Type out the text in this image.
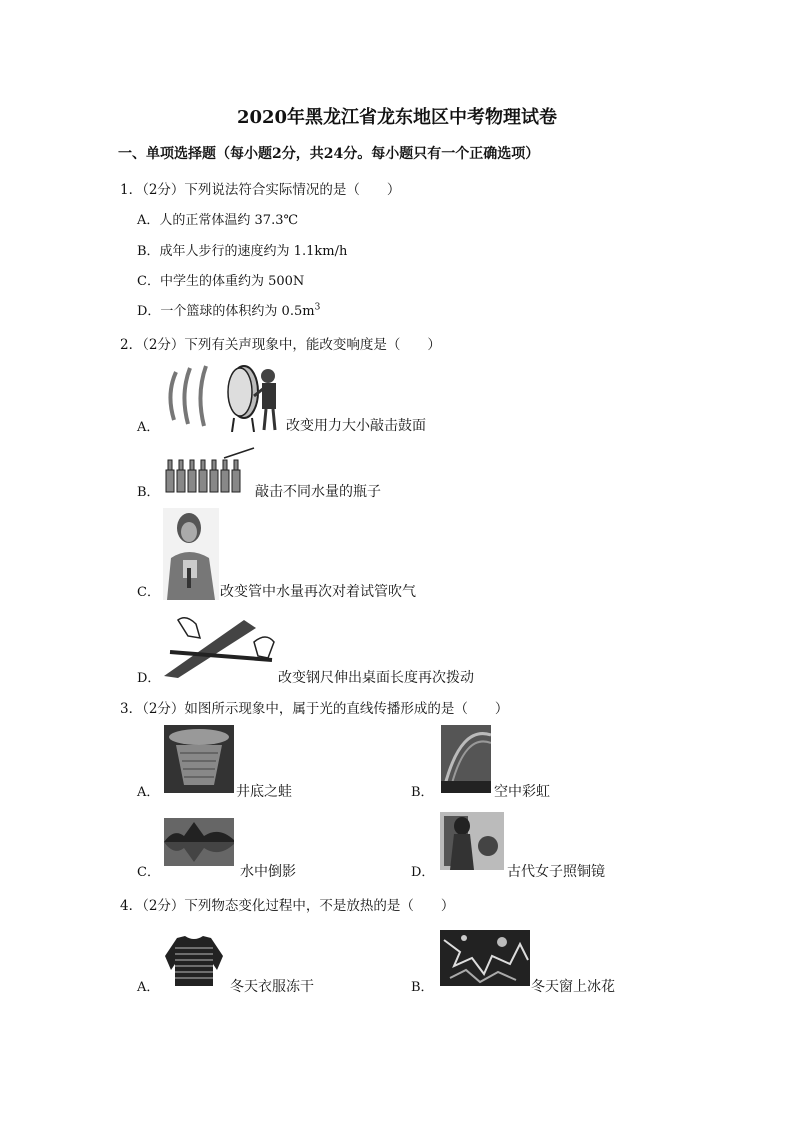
2020年黑龙江省龙东地区中考物理试卷
一、单项选择题（每小题2分，共24分。每小题只有一个正确选项）
1．（2分）下列说法符合实际情况的是（　　）
A．人的正常体温约 37.3℃
B．成年人步行的速度约为 1.1km/h
C．中学生的体重约为 500N
D．一个篮球的体积约为 $0.5m^3$
2．（2分）下列有关声现象中，能改变响度是（　　）
A．	改变用力大小敲击鼓面
B．	敲击不同水量的瓶子
C．	改变管中水量再次对着试管吹气
D．	改变钢尺伸出桌面长度再次拨动
3．（2分）如图所示现象中，属于光的直线传播形成的是（　　）
A．	井底之蛙	B．	空中彩虹
C．	水中倒影	D．	古代女子照铜镜
4．（2分）下列物态变化过程中，不是放热的是（　　）
A．	冬天衣服冻干	B．	冬天窗上冰花
